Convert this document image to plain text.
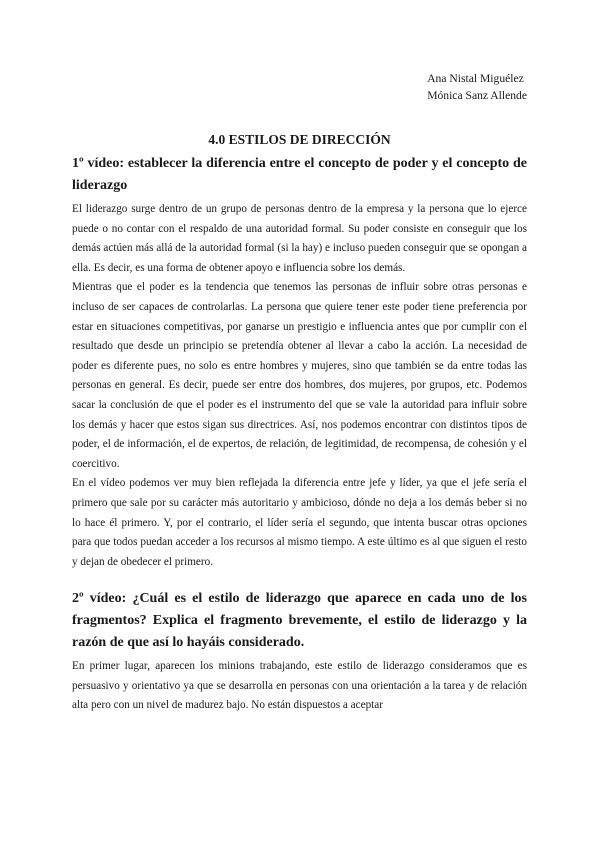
Ana Nistal Miguélez
Mónica Sanz Allende
4.0 ESTILOS DE DIRECCIÓN
1º vídeo: establecer la diferencia entre el concepto de poder y el concepto de liderazgo

El liderazgo surge dentro de un grupo de personas dentro de la empresa y la persona que lo ejerce puede o no contar con el respaldo de una autoridad formal. Su poder consiste en conseguir que los demás actúen más allá de la autoridad formal (si la hay) e incluso pueden conseguir que se opongan a ella. Es decir, es una forma de obtener apoyo e influencia sobre los demás.

Mientras que el poder es la tendencia que tenemos las personas de influir sobre otras personas e incluso de ser capaces de controlarlas. La persona que quiere tener este poder tiene preferencia por estar en situaciones competitivas, por ganarse un prestigio e influencia antes que por cumplir con el resultado que desde un principio se pretendía obtener al llevar a cabo la acción. La necesidad de poder es diferente pues, no solo es entre hombres y mujeres, sino que también se da entre todas las personas en general. Es decir, puede ser entre dos hombres, dos mujeres, por grupos, etc. Podemos sacar la conclusión de que el poder es el instrumento del que se vale la autoridad para influir sobre los demás y hacer que estos sigan sus directrices. Así, nos podemos encontrar con distintos tipos de poder, el de información, el de expertos, de relación, de legitimidad, de recompensa, de cohesión y el coercitivo.

En el vídeo podemos ver muy bien reflejada la diferencia entre jefe y líder, ya que el jefe sería el primero que sale por su carácter más autoritario y ambicioso, dónde no deja a los demás beber si no lo hace él primero. Y, por el contrario, el líder sería el segundo, que intenta buscar otras opciones para que todos puedan acceder a los recursos al mismo tiempo. A este último es al que siguen el resto y dejan de obedecer el primero.

2º vídeo: ¿Cuál es el estilo de liderazgo que aparece en cada uno de los fragmentos? Explica el fragmento brevemente, el estilo de liderazgo y la razón de que así lo hayáis considerado.

En primer lugar, aparecen los minions trabajando, este estilo de liderazgo consideramos que es persuasivo y orientativo ya que se desarrolla en personas con una orientación a la tarea y de relación alta pero con un nivel de madurez bajo. No están dispuestos a aceptar
